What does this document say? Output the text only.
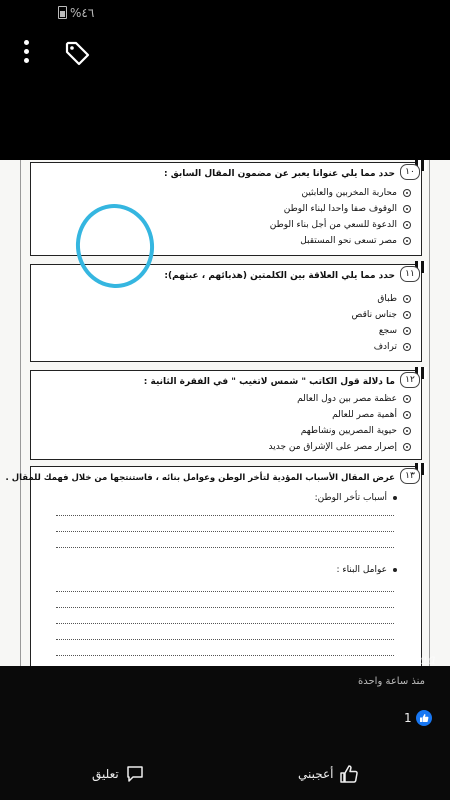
%٤٦
١٠
حدد مما يلي عنوانا يعبر عن مضمون المقال السابق :
محاربة المخربين والعابثين
الوقوف صفا واحدا لبناء الوطن
الدعوة للسعي من أجل بناء الوطن
مصر تسعى نحو المستقبل
١١
حدد مما يلي العلاقة بين الكلمتين (هذبائهم ، عبثهم):
طباق
جناس ناقص
سجع
ترادف
١٢
ما دلالة قول الكاتب " شمس لاتغيب " في الفقرة الثانية :
عظمة مصر بين دول العالم
أهمية مصر للعالم
حيوية المصريين ونشاطهم
إصرار مصر على الإشراق من جديد
١٣
عرض المقال الأسباب المؤدية لتأخر الوطن وعوامل بنائه ، فاستنتجها من خلال فهمك للمقال .
أسباب تأخر الوطن:
عوامل البناء :
Princess Alaa
منذ ساعة واحدة
1
أعجبني
تعليق
